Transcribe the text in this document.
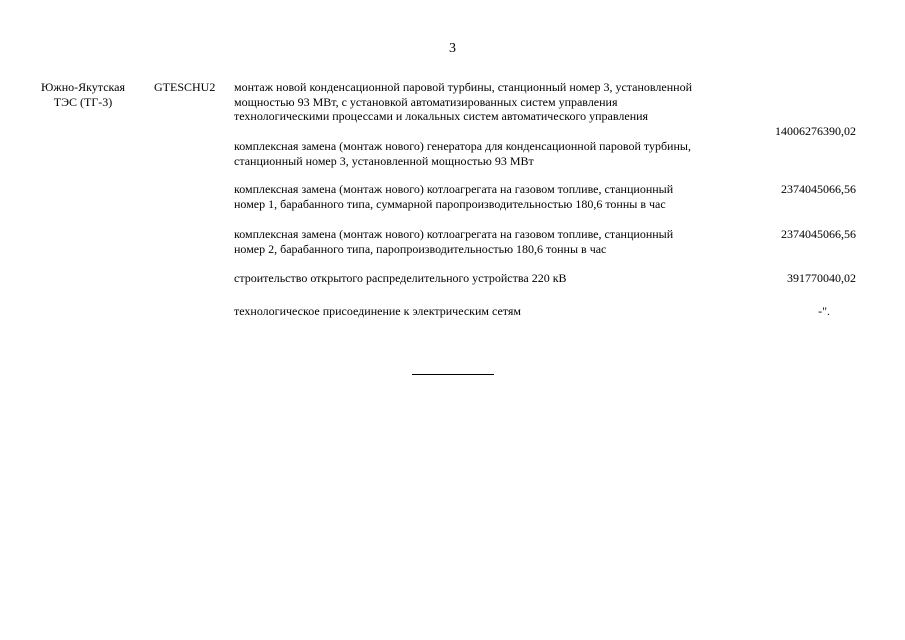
3
Южно-Якутская
ТЭС (ТГ-3)
GTESCHU2 монтаж новой конденсационной паровой турбины, станционный номер 3, установленной
мощностью 93 МВт, с установкой автоматизированных систем управления
технологическими процессами и локальных систем автоматического управления
14006276390,02
комплексная замена (монтаж нового) генератора для конденсационной паровой турбины,
станционный номер 3, установленной мощностью 93 МВт
комплексная замена (монтаж нового) котлоагрегата на газовом топливе, станционный
номер 1, барабанного типа, суммарной паропроизводительностью 180,6 тонны в час
2374045066,56
комплексная замена (монтаж нового) котлоагрегата на газовом топливе, станционный
номер 2, барабанного типа, паропроизводительностью 180,6 тонны в час
2374045066,56
строительство открытого распределительного устройства 220 кВ	391770040,02
технологическое присоединение к электрическим сетям	-".
